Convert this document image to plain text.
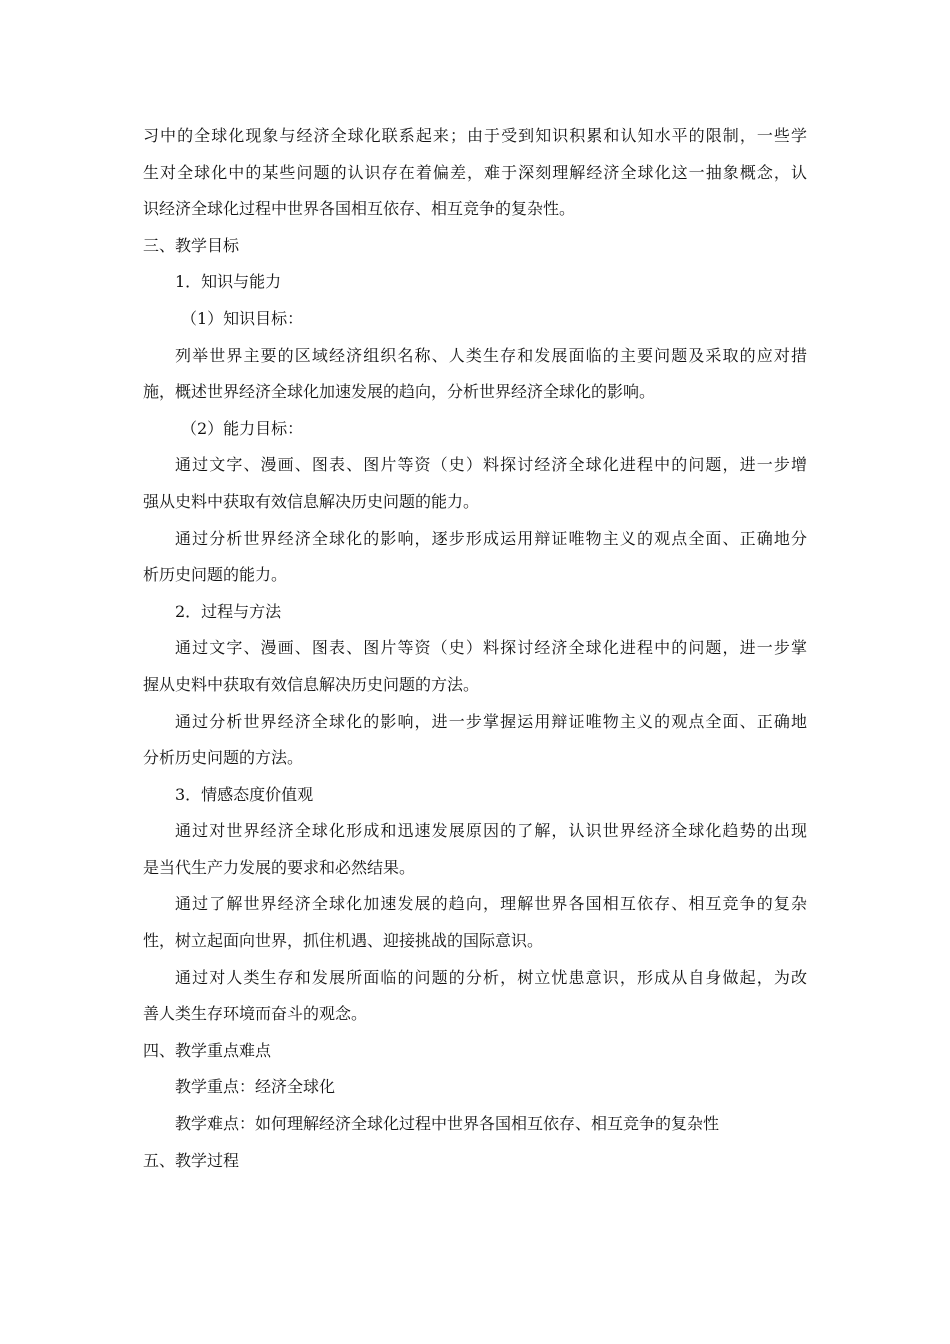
习中的全球化现象与经济全球化联系起来；由于受到知识积累和认知水平的限制，一些学
生对全球化中的某些问题的认识存在着偏差，难于深刻理解经济全球化这一抽象概念，认
识经济全球化过程中世界各国相互依存、相互竞争的复杂性。
三、教学目标
1．知识与能力
（1）知识目标：
列举世界主要的区域经济组织名称、人类生存和发展面临的主要问题及采取的应对措
施，概述世界经济全球化加速发展的趋向，分析世界经济全球化的影响。
（2）能力目标：
通过文字、漫画、图表、图片等资（史）料探讨经济全球化进程中的问题，进一步增
强从史料中获取有效信息解决历史问题的能力。
通过分析世界经济全球化的影响，逐步形成运用辩证唯物主义的观点全面、正确地分
析历史问题的能力。
2．过程与方法
通过文字、漫画、图表、图片等资（史）料探讨经济全球化进程中的问题，进一步掌
握从史料中获取有效信息解决历史问题的方法。
通过分析世界经济全球化的影响，进一步掌握运用辩证唯物主义的观点全面、正确地
分析历史问题的方法。
3．情感态度价值观
通过对世界经济全球化形成和迅速发展原因的了解，认识世界经济全球化趋势的出现
是当代生产力发展的要求和必然结果。
通过了解世界经济全球化加速发展的趋向，理解世界各国相互依存、相互竞争的复杂
性，树立起面向世界，抓住机遇、迎接挑战的国际意识。
通过对人类生存和发展所面临的问题的分析，树立忧患意识，形成从自身做起，为改
善人类生存环境而奋斗的观念。
四、教学重点难点
教学重点：经济全球化
教学难点：如何理解经济全球化过程中世界各国相互依存、相互竞争的复杂性
五、教学过程
